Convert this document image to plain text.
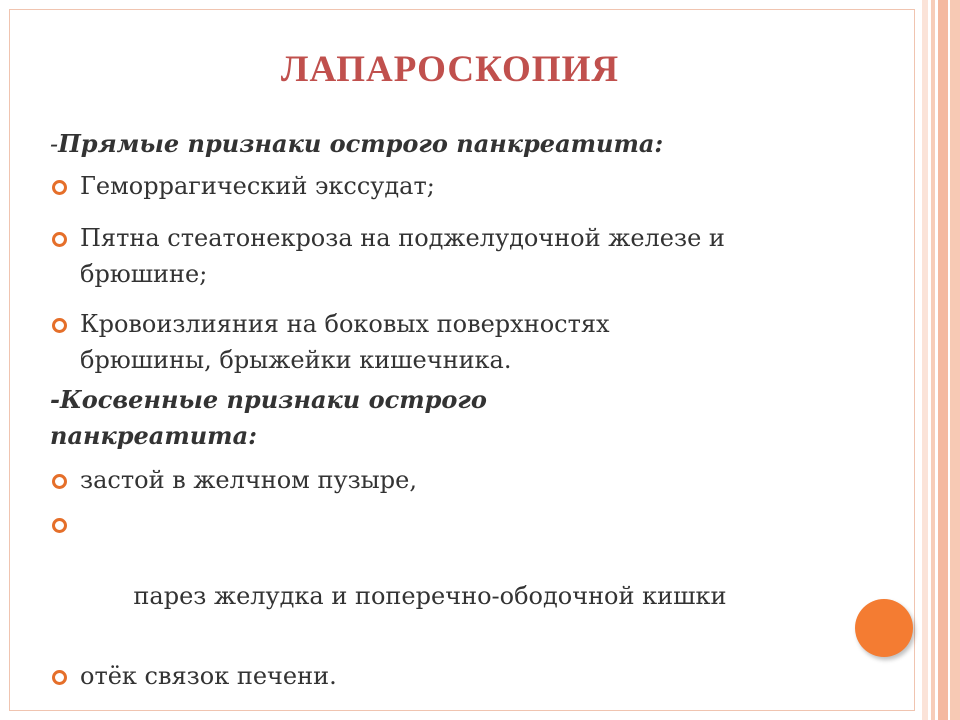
ЛАПАРОСКОПИЯ

-Прямые признаки острого панкреатита:

Геморрагический экссудат;
Пятна стеатонекроза на поджелудочной железе и брюшине;
Кровоизлияния на боковых поверхностях брюшины, брыжейки кишечника.

-Косвенные признаки острого
панкреатита:

застой в желчном пузыре,

парез желудка и поперечно-ободочной кишки

отёк связок печени.
